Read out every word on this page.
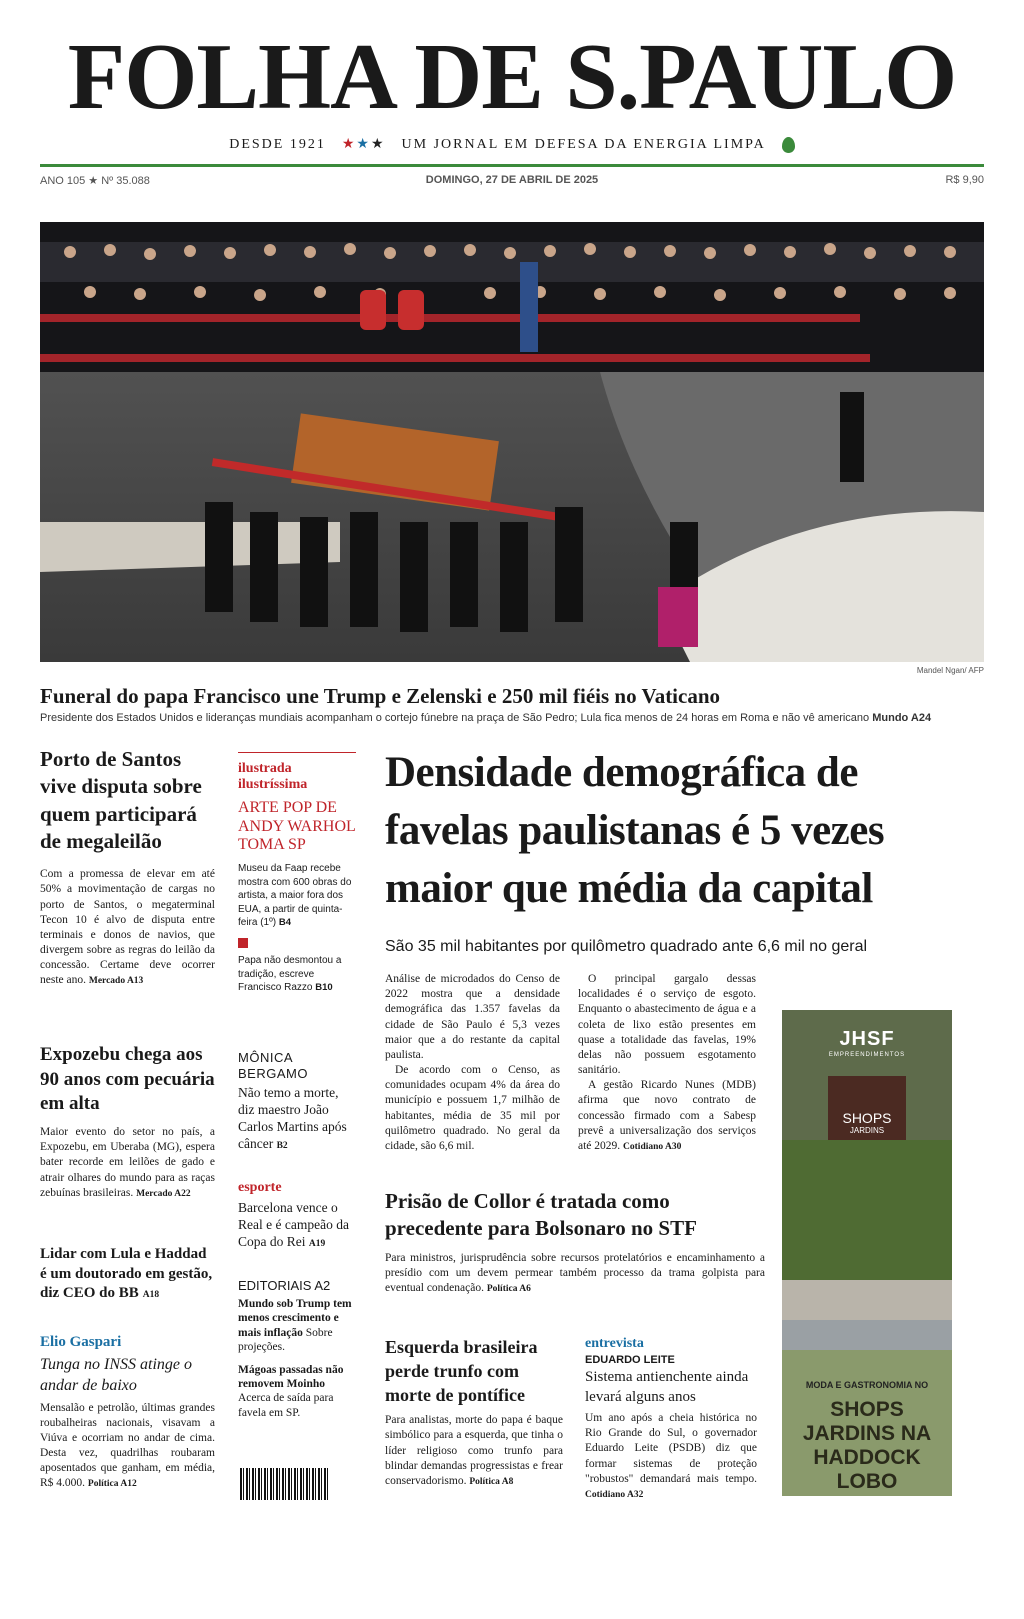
FOLHA DE S.PAULO
DESDE 1921 ★★★ UM JORNAL EM DEFESA DA ENERGIA LIMPA
ANO 105 ★ Nº 35.088	DOMINGO, 27 DE ABRIL DE 2025	R$ 9,90
Mandel Ngan/ AFP
Funeral do papa Francisco une Trump e Zelenski e 250 mil fiéis no Vaticano
Presidente dos Estados Unidos e lideranças mundiais acompanham o cortejo fúnebre na praça de São Pedro; Lula fica menos de 24 horas em Roma e não vê americano Mundo A24
Porto de Santos vive disputa sobre quem participará de megaleilão
Com a promessa de elevar em até 50% a movimentação de cargas no porto de Santos, o megaterminal Tecon 10 é alvo de disputa entre terminais e donos de navios, que divergem sobre as regras do leilão da concessão. Certame deve ocorrer neste ano. Mercado A13
Expozebu chega aos 90 anos com pecuária em alta
Maior evento do setor no país, a Expozebu, em Uberaba (MG), espera bater recorde em leilões de gado e atrair olhares do mundo para as raças zebuínas brasileiras. Mercado A22
Lidar com Lula e Haddad é um doutorado em gestão, diz CEO do BB A18
Elio Gaspari
Tunga no INSS atinge o andar de baixo
Mensalão e petrolão, últimas grandes roubalheiras nacionais, visavam a Viúva e ocorriam no andar de cima. Desta vez, quadrilhas roubaram aposentados que ganham, em média, R$ 4.000. Política A12
ilustrada ilustríssima
ARTE POP DE ANDY WARHOL TOMA SP
Museu da Faap recebe mostra com 600 obras do artista, a maior fora dos EUA, a partir de quinta-feira (1º) B4
Papa não desmontou a tradição, escreve Francisco Razzo B10
MÔNICA BERGAMO
Não temo a morte, diz maestro João Carlos Martins após câncer B2
esporte
Barcelona vence o Real e é campeão da Copa do Rei A19
EDITORIAIS A2
Mundo sob Trump tem menos crescimento e mais inflação Sobre projeções.
Mágoas passadas não removem Moinho Acerca de saída para favela em SP.
Densidade demográfica de favelas paulistanas é 5 vezes maior que média da capital
São 35 mil habitantes por quilômetro quadrado ante 6,6 mil no geral
Análise de microdados do Censo de 2022 mostra que a densidade demográfica das 1.357 favelas da cidade de São Paulo é 5,3 vezes maior que a do restante da capital paulista.
De acordo com o Censo, as comunidades ocupam 4% da área do município e possuem 1,7 milhão de habitantes, média de 35 mil por quilômetro quadrado. No geral da cidade, são 6,6 mil.
O principal gargalo dessas localidades é o serviço de esgoto. Enquanto o abastecimento de água e a coleta de lixo estão presentes em quase a totalidade das favelas, 19% delas não possuem esgotamento sanitário.
A gestão Ricardo Nunes (MDB) afirma que novo contrato de concessão firmado com a Sabesp prevê a universalização dos serviços até 2029. Cotidiano A30
Prisão de Collor é tratada como precedente para Bolsonaro no STF
Para ministros, jurisprudência sobre recursos protelatórios e encaminhamento a presídio com um devem permear também processo da trama golpista para eventual condenação. Política A6
Esquerda brasileira perde trunfo com morte de pontífice
Para analistas, morte do papa é baque simbólico para a esquerda, que tinha o líder religioso como trunfo para blindar demandas progressistas e frear conservadorismo. Política A8
entrevista
EDUARDO LEITE
Sistema antienchente ainda levará alguns anos
Um ano após a cheia histórica no Rio Grande do Sul, o governador Eduardo Leite (PSDB) diz que formar sistemas de proteção "robustos" demandará mais tempo. Cotidiano A32
JHSF
EMPREENDIMENTOS
SHOPS
JARDINS
MODA E GASTRONOMIA NO
SHOPS JARDINS NA HADDOCK LOBO
